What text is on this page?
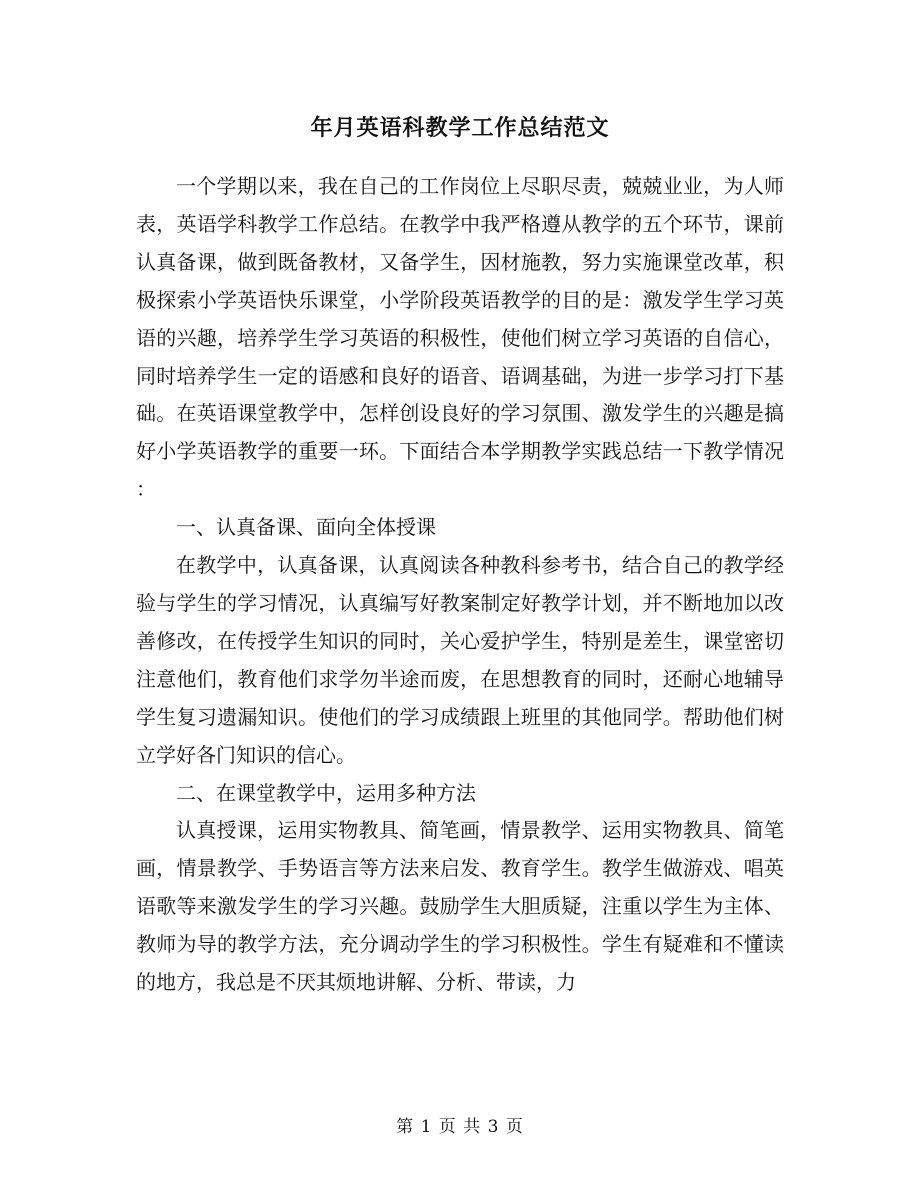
年月英语科教学工作总结范文

一个学期以来，我在自己的工作岗位上尽职尽责，兢兢业业，为人师表，英语学科教学工作总结。在教学中我严格遵从教学的五个环节，课前认真备课，做到既备教材，又备学生，因材施教，努力实施课堂改革，积极探索小学英语快乐课堂，小学阶段英语教学的目的是：激发学生学习英语的兴趣，培养学生学习英语的积极性，使他们树立学习英语的自信心，同时培养学生一定的语感和良好的语音、语调基础，为进一步学习打下基础。在英语课堂教学中，怎样创设良好的学习氛围、激发学生的兴趣是搞好小学英语教学的重要一环。下面结合本学期教学实践总结一下教学情况：

一、认真备课、面向全体授课

在教学中，认真备课，认真阅读各种教科参考书，结合自己的教学经验与学生的学习情况，认真编写好教案制定好教学计划，并不断地加以改善修改，在传授学生知识的同时，关心爱护学生，特别是差生，课堂密切注意他们，教育他们求学勿半途而废，在思想教育的同时，还耐心地辅导学生复习遗漏知识。使他们的学习成绩跟上班里的其他同学。帮助他们树立学好各门知识的信心。

二、在课堂教学中，运用多种方法

认真授课，运用实物教具、简笔画，情景教学、运用实物教具、简笔画，情景教学、手势语言等方法来启发、教育学生。教学生做游戏、唱英语歌等来激发学生的学习兴趣。鼓励学生大胆质疑，注重以学生为主体、教师为导的教学方法，充分调动学生的学习积极性。学生有疑难和不懂读的地方，我总是不厌其烦地讲解、分析、带读，力

第 1 页 共 3 页
